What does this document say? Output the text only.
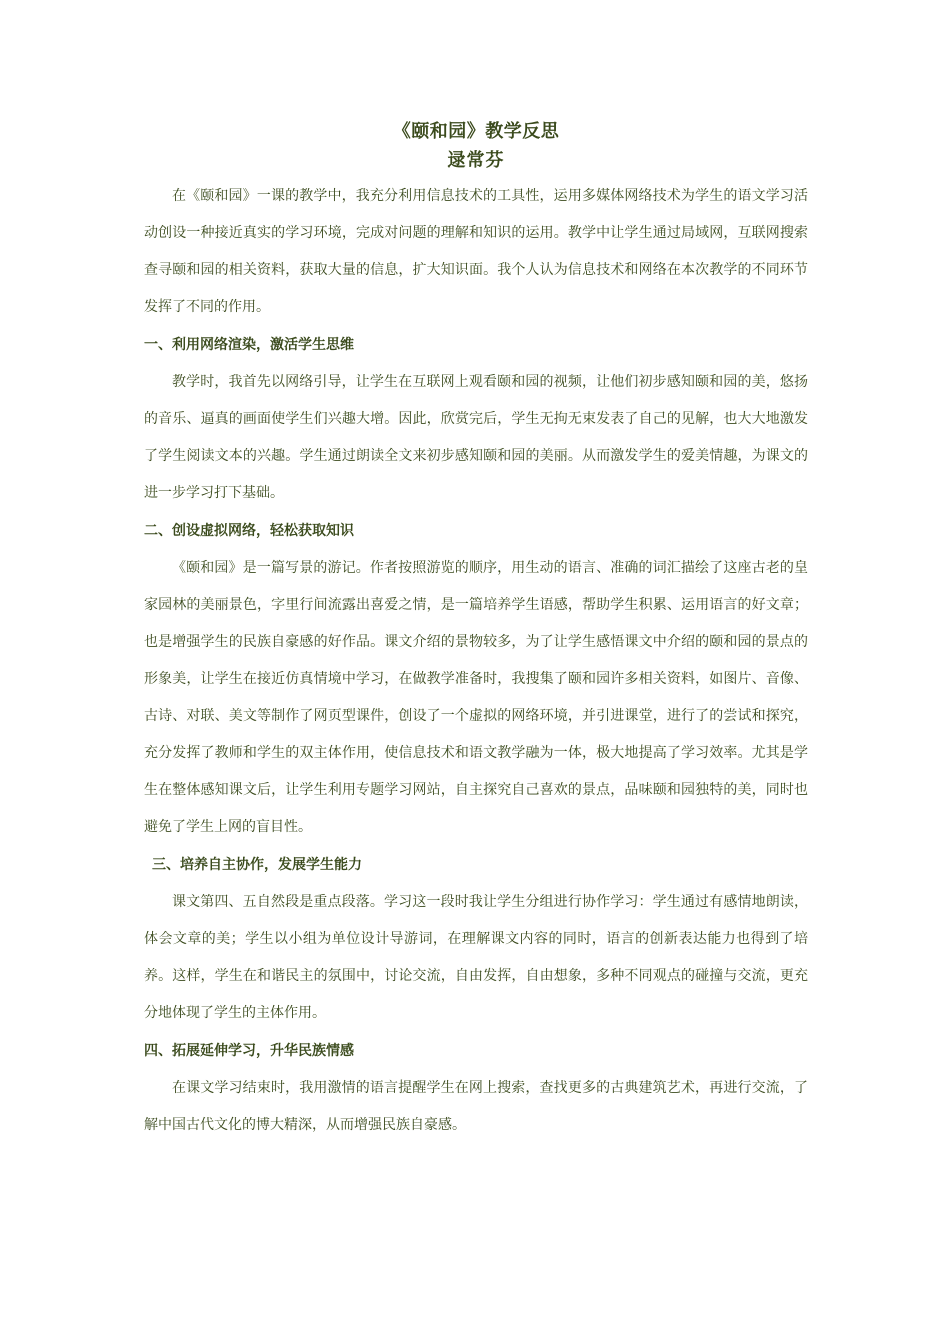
《颐和园》教学反思
逯常芬

在《颐和园》一课的教学中，我充分利用信息技术的工具性，运用多媒体网络技术为学生的语文学习活动创设一种接近真实的学习环境，完成对问题的理解和知识的运用。教学中让学生通过局域网，互联网搜索查寻颐和园的相关资料，获取大量的信息，扩大知识面。我个人认为信息技术和网络在本次教学的不同环节发挥了不同的作用。

一、利用网络渲染，激活学生思维

教学时，我首先以网络引导，让学生在互联网上观看颐和园的视频，让他们初步感知颐和园的美，悠扬的音乐、逼真的画面使学生们兴趣大增。因此，欣赏完后，学生无拘无束发表了自己的见解，也大大地激发了学生阅读文本的兴趣。学生通过朗读全文来初步感知颐和园的美丽。从而激发学生的爱美情趣，为课文的进一步学习打下基础。

二、创设虚拟网络，轻松获取知识

《颐和园》是一篇写景的游记。作者按照游览的顺序，用生动的语言、准确的词汇描绘了这座古老的皇家园林的美丽景色，字里行间流露出喜爱之情，是一篇培养学生语感，帮助学生积累、运用语言的好文章；也是增强学生的民族自豪感的好作品。课文介绍的景物较多，为了让学生感悟课文中介绍的颐和园的景点的形象美，让学生在接近仿真情境中学习，在做教学准备时，我搜集了颐和园许多相关资料，如图片、音像、古诗、对联、美文等制作了网页型课件，创设了一个虚拟的网络环境，并引进课堂，进行了的尝试和探究，充分发挥了教师和学生的双主体作用，使信息技术和语文教学融为一体，极大地提高了学习效率。尤其是学生在整体感知课文后，让学生利用专题学习网站，自主探究自己喜欢的景点，品味颐和园独特的美，同时也避免了学生上网的盲目性。

三、培养自主协作，发展学生能力

课文第四、五自然段是重点段落。学习这一段时我让学生分组进行协作学习：学生通过有感情地朗读，体会文章的美；学生以小组为单位设计导游词，在理解课文内容的同时，语言的创新表达能力也得到了培养。这样，学生在和谐民主的氛围中，讨论交流，自由发挥，自由想象，多种不同观点的碰撞与交流，更充分地体现了学生的主体作用。

四、拓展延伸学习，升华民族情感

在课文学习结束时，我用激情的语言提醒学生在网上搜索，查找更多的古典建筑艺术，再进行交流，了解中国古代文化的博大精深，从而增强民族自豪感。
